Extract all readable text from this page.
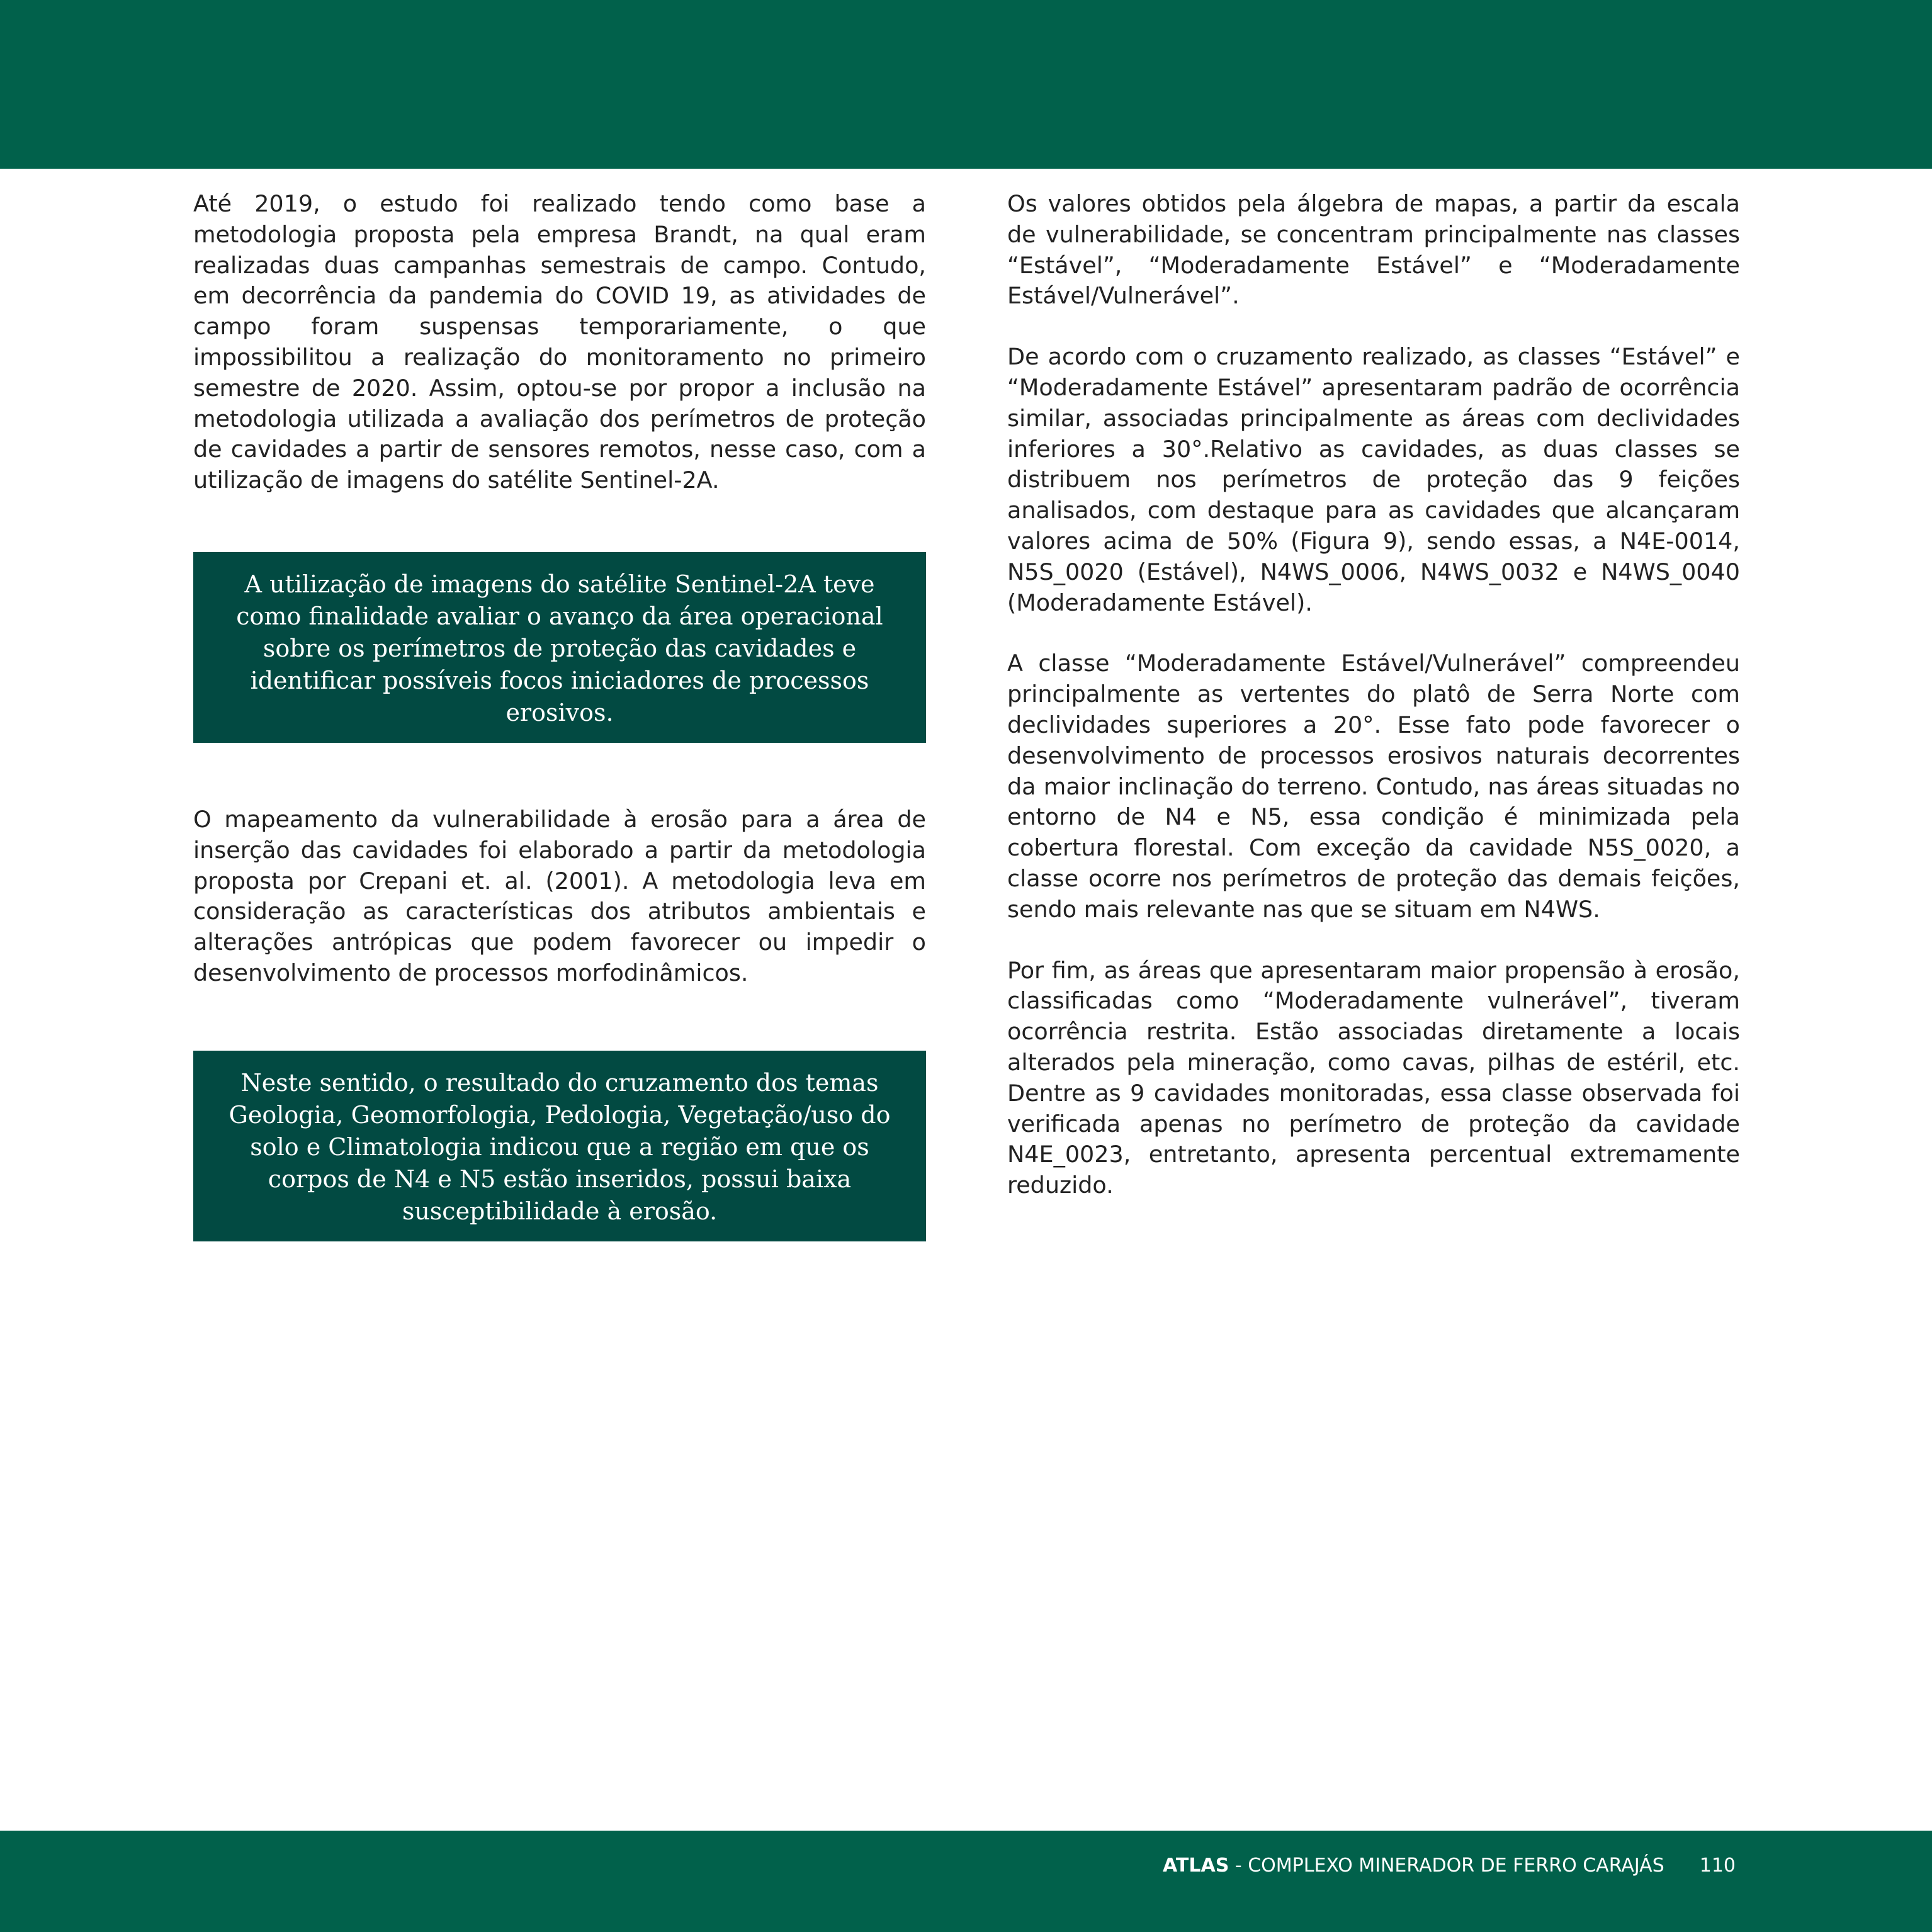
Até 2019, o estudo foi realizado tendo como base a metodologia proposta pela empresa Brandt, na qual eram realizadas duas campanhas semestrais de campo. Contudo, em decorrência da pandemia do COVID 19, as atividades de campo foram suspensas temporariamente, o que impossibilitou a realização do monitoramento no primeiro semestre de 2020. Assim, optou-se por propor a inclusão na metodologia utilizada a avaliação dos perímetros de proteção de cavidades a partir de sensores remotos, nesse caso, com a utilização de imagens do satélite Sentinel-2A.

A utilização de imagens do satélite Sentinel-2A teve como finalidade avaliar o avanço da área operacional sobre os perímetros de proteção das cavidades e identificar possíveis focos iniciadores de processos erosivos.

O mapeamento da vulnerabilidade à erosão para a área de inserção das cavidades foi elaborado a partir da metodologia proposta por Crepani et. al. (2001). A metodologia leva em consideração as características dos atributos ambientais e alterações antrópicas que podem favorecer ou impedir o desenvolvimento de processos morfodinâmicos.

Neste sentido, o resultado do cruzamento dos temas Geologia, Geomorfologia, Pedologia, Vegetação/uso do solo e Climatologia indicou que a região em que os corpos de N4 e N5 estão inseridos, possui baixa susceptibilidade à erosão.

Os valores obtidos pela álgebra de mapas, a partir da escala de vulnerabilidade, se concentram principalmente nas classes “Estável”, “Moderadamente Estável” e “Moderadamente Estável/Vulnerável”.

De acordo com o cruzamento realizado, as classes “Estável” e “Moderadamente Estável” apresentaram padrão de ocorrência similar, associadas principalmente as áreas com declividades inferiores a 30°.Relativo as cavidades, as duas classes se distribuem nos perímetros de proteção das 9 feições analisados, com destaque para as cavidades que alcançaram valores acima de 50% (Figura 9), sendo essas, a N4E-0014, N5S_0020 (Estável), N4WS_0006, N4WS_0032 e N4WS_0040 (Moderadamente Estável).

A classe “Moderadamente Estável/Vulnerável” compreendeu principalmente as vertentes do platô de Serra Norte com declividades superiores a 20°. Esse fato pode favorecer o desenvolvimento de processos erosivos naturais decorrentes da maior inclinação do terreno. Contudo, nas áreas situadas no entorno de N4 e N5, essa condição é minimizada pela cobertura florestal. Com exceção da cavidade N5S_0020, a classe ocorre nos perímetros de proteção das demais feições, sendo mais relevante nas que se situam em N4WS.

Por fim, as áreas que apresentaram maior propensão à erosão, classificadas como “Moderadamente vulnerável”, tiveram ocorrência restrita. Estão associadas diretamente a locais alterados pela mineração, como cavas, pilhas de estéril, etc. Dentre as 9 cavidades monitoradas, essa classe observada foi verificada apenas no perímetro de proteção da cavidade N4E_0023, entretanto, apresenta percentual extremamente reduzido.

ATLAS - COMPLEXO MINERADOR DE FERRO CARAJÁS 110
